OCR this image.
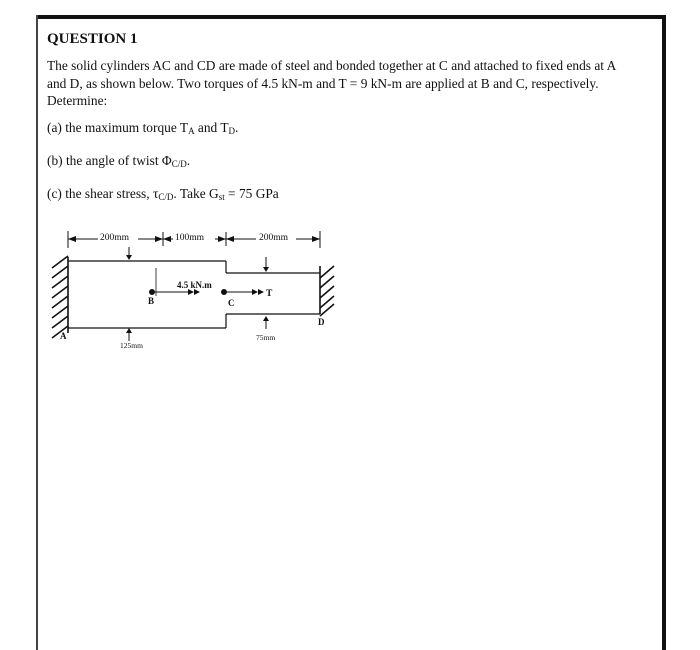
QUESTION 1
The solid cylinders AC and CD are made of steel and bonded together at C and attached to fixed ends at A
and D, as shown below. Two torques of 4.5 kN-m and T = 9 kN-m are applied at B and C, respectively.
Determine:
(a) the maximum torque $T_A$ and $T_D$.
(b) the angle of twist $\Phi_{C/D}$.
(c) the shear stress, $\tau_{C/D}$. Take $G_{st} = 75$ GPa
200mm	100mm	200mm
125mm
75mm
4.5 kN.m
T
A
B	C
D
